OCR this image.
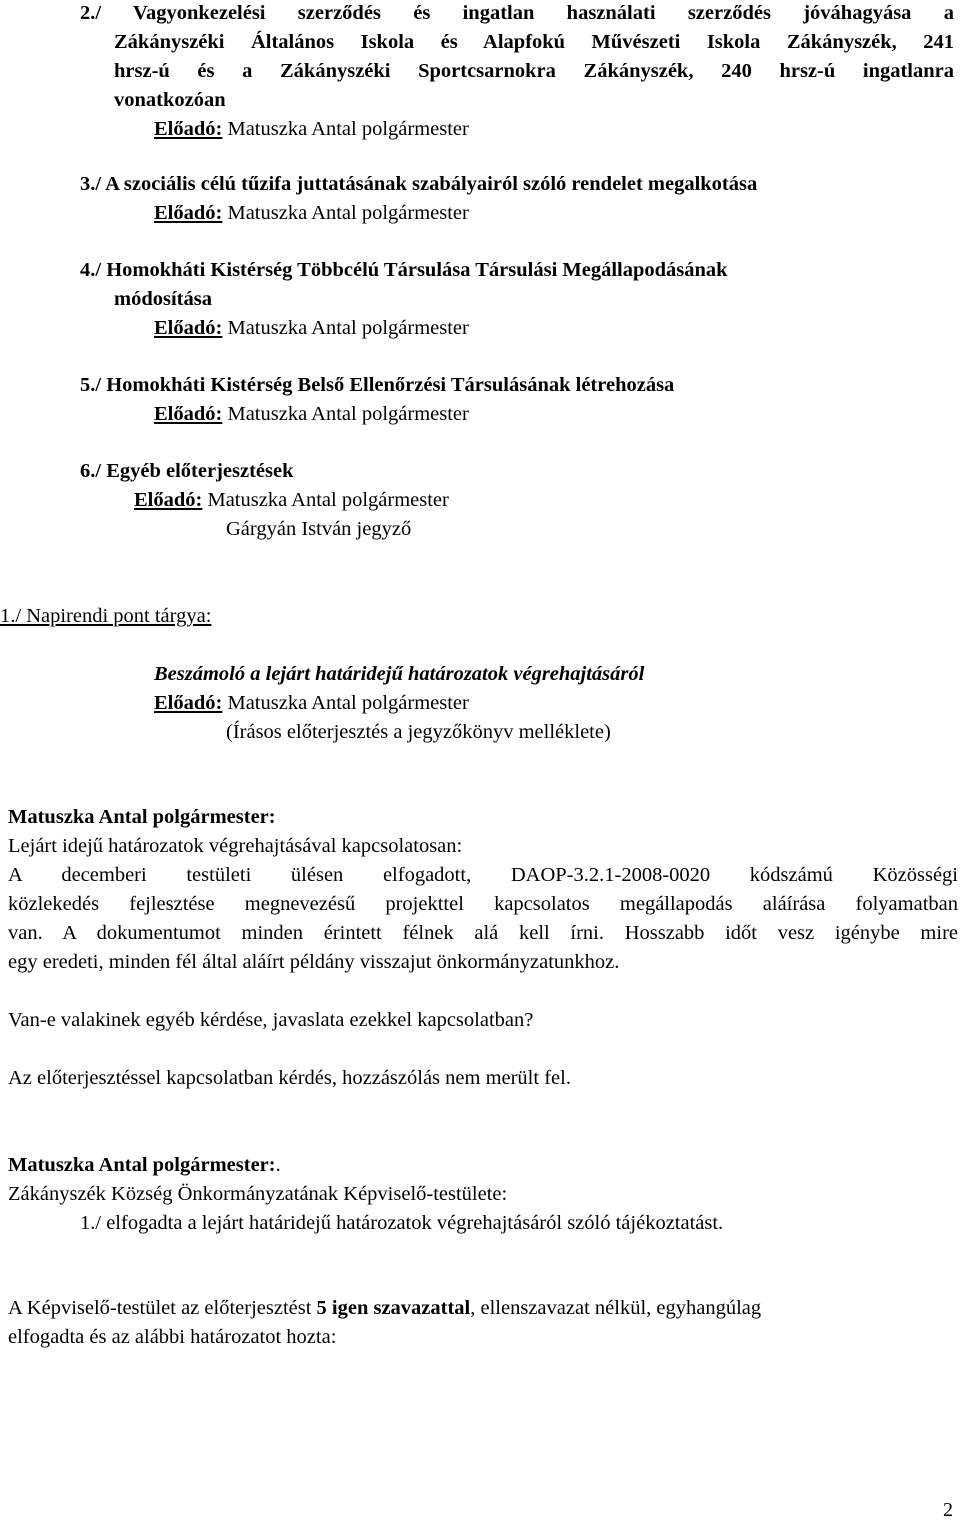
2./ Vagyonkezelési szerződés és ingatlan használati szerződés jóváhagyása a
Zákányszéki Általános Iskola és Alapfokú Művészeti Iskola Zákányszék, 241
hrsz-ú és a Zákányszéki Sportcsarnokra Zákányszék, 240 hrsz-ú ingatlanra
vonatkozóan
Előadó: Matuszka Antal polgármester
3./ A szociális célú tűzifa juttatásának szabályairól szóló rendelet megalkotása
Előadó: Matuszka Antal polgármester
4./ Homokháti Kistérség Többcélú Társulása Társulási Megállapodásának
módosítása
Előadó: Matuszka Antal polgármester
5./ Homokháti Kistérség Belső Ellenőrzési Társulásának létrehozása
Előadó: Matuszka Antal polgármester
6./ Egyéb előterjesztések
Előadó: Matuszka Antal polgármester
Gárgyán István jegyző
1./ Napirendi pont tárgya:
Beszámoló a lejárt határidejű határozatok végrehajtásáról
Előadó: Matuszka Antal polgármester
(Írásos előterjesztés a jegyzőkönyv melléklete)
Matuszka Antal polgármester:
Lejárt idejű határozatok végrehajtásával kapcsolatosan:
A decemberi testületi ülésen elfogadott, DAOP-3.2.1-2008-0020 kódszámú Közösségi
közlekedés fejlesztése megnevezésű projekttel kapcsolatos megállapodás aláírása folyamatban
van. A dokumentumot minden érintett félnek alá kell írni. Hosszabb időt vesz igénybe mire
egy eredeti, minden fél által aláírt példány visszajut önkormányzatunkhoz.
Van-e valakinek egyéb kérdése, javaslata ezekkel kapcsolatban?
Az előterjesztéssel kapcsolatban kérdés, hozzászólás nem merült fel.
Matuszka Antal polgármester:.
Zákányszék Község Önkormányzatának Képviselő-testülete:
1./ elfogadta a lejárt határidejű határozatok végrehajtásáról szóló tájékoztatást.
A Képviselő-testület az előterjesztést 5 igen szavazattal, ellenszavazat nélkül, egyhangúlag
elfogadta és az alábbi határozatot hozta:
2
